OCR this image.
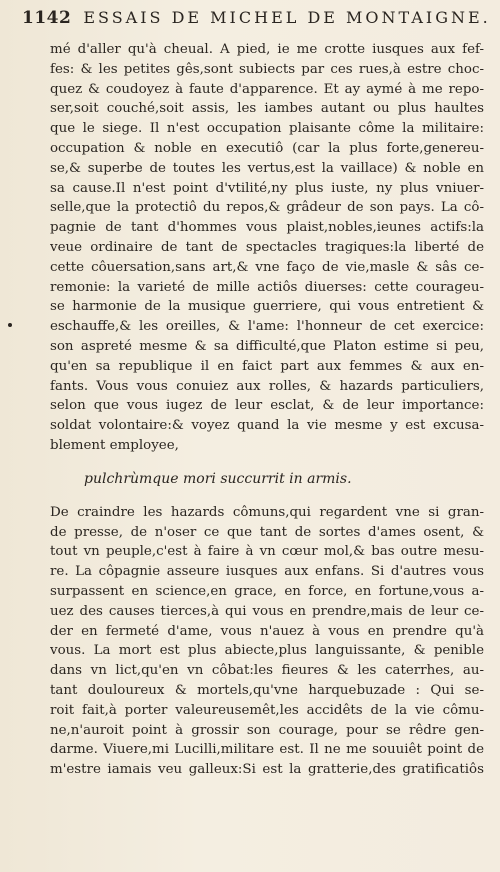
1142 ESSAIS DE MICHEL DE MONTAIGNE.
mé d'aller qu'à cheual. A pied, ie me crotte iusques aux fef-
fes: & les petites gês,sont subiects par ces rues,à estre choc-
quez & coudoyez à faute d'apparence. Et ay aymé à me repo-
ser,soit couché,soit assis, les iambes autant ou plus haultes
que le siege. Il n'est occupation plaisante côme la militaire:
occupation & noble en executiô (car la plus forte,genereu-
se,& superbe de toutes les vertus,est la vaillace) & noble en
sa cause.Il n'est point d'vtilité,ny plus iuste, ny plus vniuer-
selle,que la protectiô du repos,& grâdeur de son pays. La cô-
pagnie de tant d'hommes vous plaist,nobles,ieunes actifs:la
veue ordinaire de tant de spectacles tragiques:la liberté de
cette côuersation,sans art,& vne faço de vie,masle & sâs ce-
remonie: la varieté de mille actiôs diuerses: cette courageu-
se harmonie de la musique guerriere, qui vous entretient &
eschauffe,& les oreilles, & l'ame: l'honneur de cet exercice:
son aspreté mesme & sa difficulté,que Platon estime si peu,
qu'en sa republique il en faict part aux femmes & aux en-
fants. Vous vous conuiez aux rolles, & hazards particuliers,
selon que vous iugez de leur esclat, & de leur importance:
soldat volontaire:& voyez quand la vie mesme y est excusa-
blement employee,
pulchrùmque mori succurrit in armis.
De craindre les hazards cômuns,qui regardent vne si gran-
de presse, de n'oser ce que tant de sortes d'ames osent, &
tout vn peuple,c'est à faire à vn cœur mol,& bas outre mesu-
re. La côpagnie asseure iusques aux enfans. Si d'autres vous
surpassent en science,en grace, en force, en fortune,vous a-
uez des causes tierces,à qui vous en prendre,mais de leur ce-
der en fermeté d'ame, vous n'auez à vous en prendre qu'à
vous. La mort est plus abiecte,plus languissante, & penible
dans vn lict,qu'en vn côbat:les fieures & les caterrhes, au-
tant douloureux & mortels,qu'vne harquebuzade : Qui se-
roit fait,à porter valeureusemêt,les accidêts de la vie cômu-
ne,n'auroit point à grossir son courage, pour se rêdre gen-
darme. Viuere,mi Lucilli,militare est. Il ne me souuiêt point de
m'estre iamais veu galleux:Si est la gratterie,des gratificatiôs
